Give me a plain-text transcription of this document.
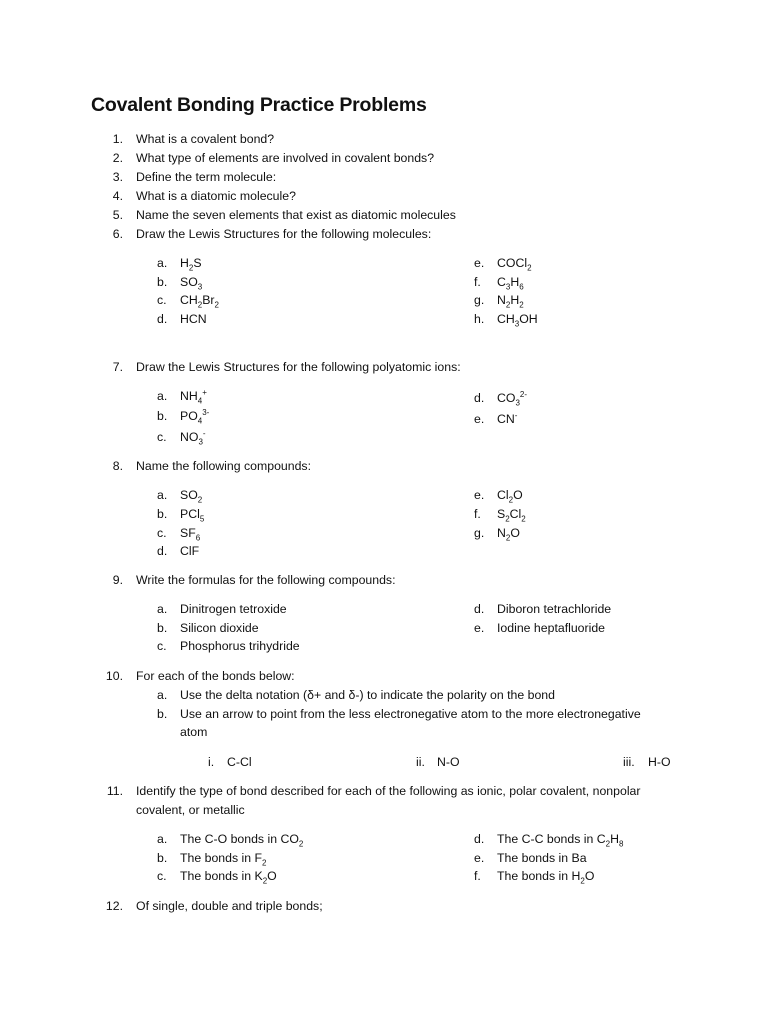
Covalent Bonding Practice Problems
1. What is a covalent bond?
2. What type of elements are involved in covalent bonds?
3. Define the term molecule:
4. What is a diatomic molecule?
5. Name the seven elements that exist as diatomic molecules
6. Draw the Lewis Structures for the following molecules:
a. $H_2S$
b. $SO_3$
c. $CH_2Br_2$
d. HCN
e. COCl$_2$
f. $C_3H_6$
g. $N_2H_2$
h. $CH_3OH$
7. Draw the Lewis Structures for the following polyatomic ions:
a. $NH_4^+$
b. $PO_4^{3-}$
c. $NO_3^-$
d. $CO_3^{2-}$
e. CN-
8. Name the following compounds:
a. $SO_2$
b. PCl$_5$
c. $SF_6$
d. ClF
e. $Cl_2O$
f. $S_2Cl_2$
g. $N_2O$
9. Write the formulas for the following compounds:
a. Dinitrogen tetroxide
b. Silicon dioxide
c. Phosphorus trihydride
d. Diboron tetrachloride
e. Iodine heptafluoride
10. For each of the bonds below:
a. Use the delta notation (δ+ and δ-) to indicate the polarity on the bond
b. Use an arrow to point from the less electronegative atom to the more electronegative
atom
i. C-Cl	ii. N-O	iii. H-O
11. Identify the type of bond described for each of the following as ionic, polar covalent, nonpolar
covalent, or metallic
a. The C-O bonds in $CO_2$
b. The bonds in $F_2$
c. The bonds in $K_2O$
d. The C-C bonds in $C_2H_8$
e. The bonds in Ba
f. The bonds in $H_2O$
12. Of single, double and triple bonds;
